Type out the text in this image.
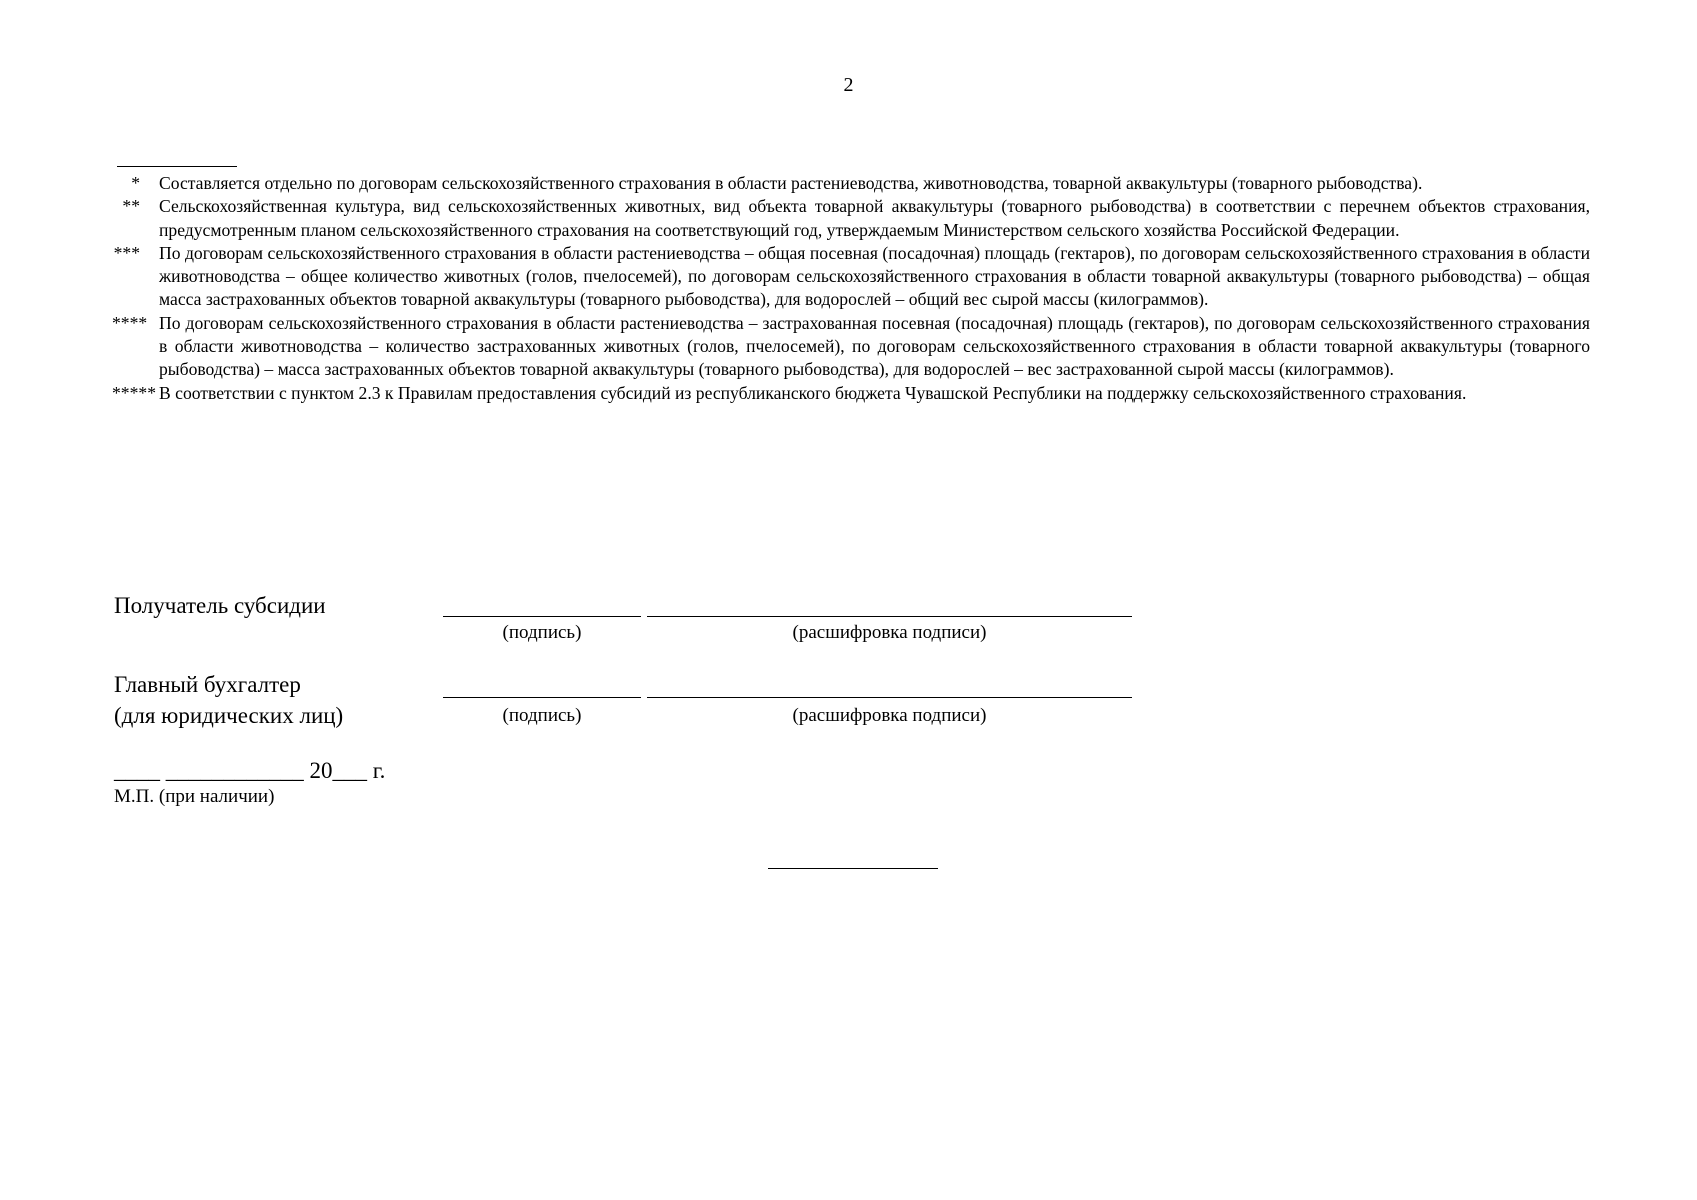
2
*	Составляется отдельно по договорам сельскохозяйственного страхования в области растениеводства, животноводства, товарной аквакультуры (товарного рыбоводства).
**	Сельскохозяйственная культура, вид сельскохозяйственных животных, вид объекта товарной аквакультуры (товарного рыбоводства) в соответствии с перечнем объектов страхования, предусмотренным планом сельскохозяйственного страхования на соответствующий год, утверждаемым Министерством сельского хозяйства Российской Федерации.
***	По договорам сельскохозяйственного страхования в области растениеводства – общая посевная (посадочная) площадь (гектаров), по договорам сельскохозяйственного страхования в области животноводства – общее количество животных (голов, пчелосемей), по договорам сельскохозяйственного страхования в области товарной аквакультуры (товарного рыбоводства) – общая масса застрахованных объектов товарной аквакультуры (товарного рыбоводства), для водорослей – общий вес сырой массы (килограммов).
**** По договорам сельскохозяйственного страхования в области растениеводства – застрахованная посевная (посадочная) площадь (гектаров), по договорам сельскохозяйственного страхования в области животноводства – количество застрахованных животных (голов, пчелосемей), по договорам сельскохозяйственного страхования в области товарной аквакультуры (товарного рыбоводства) – масса застрахованных объектов товарной аквакультуры (товарного рыбоводства), для водорослей – вес застрахованной сырой массы (килограммов).
***** В соответствии с пунктом 2.3 к Правилам предоставления субсидий из республиканского бюджета Чувашской Республики на поддержку сельскохозяйственного страхования.
Получатель субсидии
(подпись)	(расшифровка подписи)
Главный бухгалтер
(для юридических лиц)	(подпись)	(расшифровка подписи)
____ ____________ 20___ г.
М.П. (при наличии)
